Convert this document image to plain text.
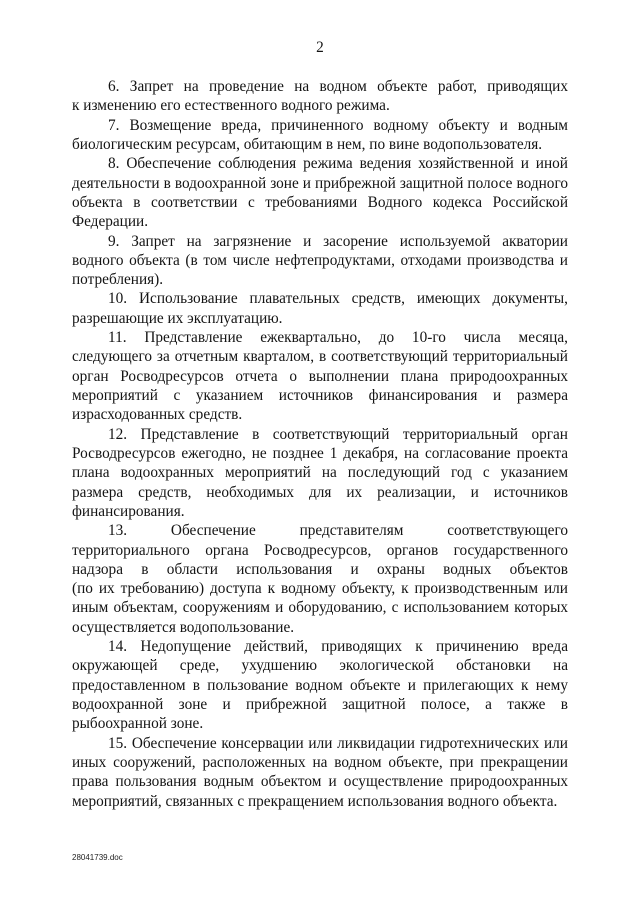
2
6. Запрет на проведение на водном объекте работ, приводящих
к изменению его естественного водного режима.
7. Возмещение вреда, причиненного водному объекту и водным
биологическим ресурсам, обитающим в нем, по вине водопользователя.
8. Обеспечение соблюдения режима ведения хозяйственной и иной
деятельности в водоохранной зоне и прибрежной защитной полосе водного
объекта в соответствии с требованиями Водного кодекса Российской
Федерации.
9. Запрет на загрязнение и засорение используемой акватории
водного объекта (в том числе нефтепродуктами, отходами производства и
потребления).
10. Использование плавательных средств, имеющих документы,
разрешающие их эксплуатацию.
11. Представление ежеквартально, до 10-го числа месяца,
следующего за отчетным кварталом, в соответствующий территориальный
орган Росводресурсов отчета о выполнении плана природоохранных
мероприятий с указанием источников финансирования и размера
израсходованных средств.
12. Представление в соответствующий территориальный орган
Росводресурсов ежегодно, не позднее 1 декабря, на согласование проекта
плана водоохранных мероприятий на последующий год с указанием
размера средств, необходимых для их реализации, и источников
финансирования.
13. Обеспечение представителям соответствующего
территориального органа Росводресурсов, органов государственного
надзора в области использования и охраны водных объектов
(по их требованию) доступа к водному объекту, к производственным или
иным объектам, сооружениям и оборудованию, с использованием которых
осуществляется водопользование.
14. Недопущение действий, приводящих к причинению вреда
окружающей среде, ухудшению экологической обстановки на
предоставленном в пользование водном объекте и прилегающих к нему
водоохранной зоне и прибрежной защитной полосе, а также в
рыбоохранной зоне.
15. Обеспечение консервации или ликвидации гидротехнических или
иных сооружений, расположенных на водном объекте, при прекращении
права пользования водным объектом и осуществление природоохранных
мероприятий, связанных с прекращением использования водного объекта.
28041739.doc
